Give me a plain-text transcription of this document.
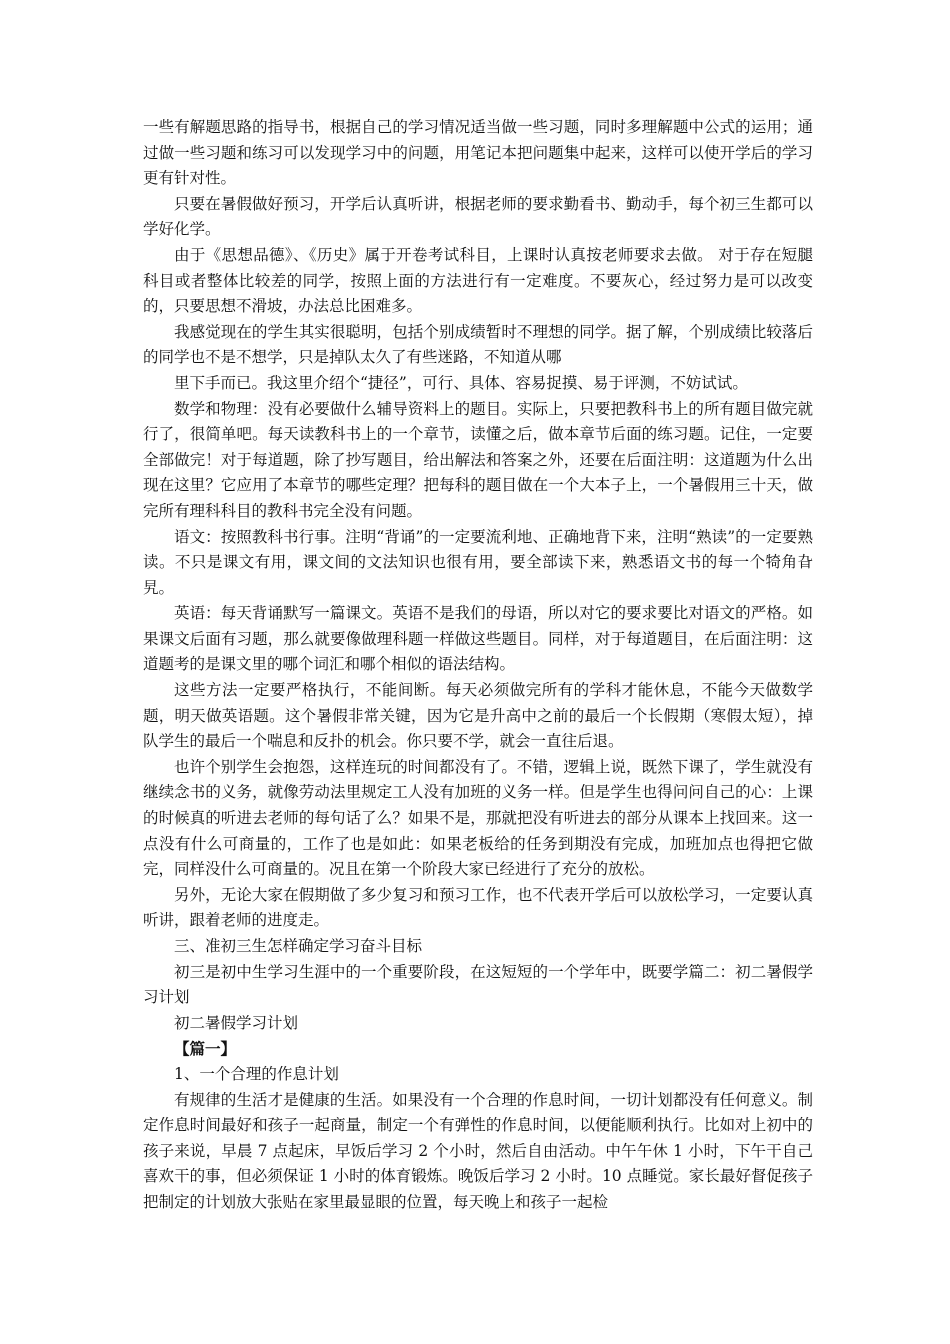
一些有解题思路的指导书，根据自己的学习情况适当做一些习题，同时多理解题中公式的运用；通过做一些习题和练习可以发现学习中的问题，用笔记本把问题集中起来，这样可以使开学后的学习更有针对性。

只要在暑假做好预习，开学后认真听讲，根据老师的要求勤看书、勤动手，每个初三生都可以学好化学。

由于《思想品德》、《历史》属于开卷考试科目，上课时认真按老师要求去做。 对于存在短腿科目或者整体比较差的同学，按照上面的方法进行有一定难度。不要灰心，经过努力是可以改变的，只要思想不滑坡，办法总比困难多。

我感觉现在的学生其实很聪明，包括个别成绩暂时不理想的同学。据了解，个别成绩比较落后的同学也不是不想学，只是掉队太久了有些迷路，不知道从哪

里下手而已。我这里介绍个“捷径”，可行、具体、容易捉摸、易于评测，不妨试试。

数学和物理：没有必要做什么辅导资料上的题目。实际上，只要把教科书上的所有题目做完就行了，很简单吧。每天读教科书上的一个章节，读懂之后，做本章节后面的练习题。记住，一定要全部做完！对于每道题，除了抄写题目，给出解法和答案之外，还要在后面注明：这道题为什么出现在这里？它应用了本章节的哪些定理？把每科的题目做在一个大本子上，一个暑假用三十天，做完所有理科科目的教科书完全没有问题。

语文：按照教科书行事。注明“背诵”的一定要流利地、正确地背下来，注明“熟读”的一定要熟读。不只是课文有用，课文间的文法知识也很有用，要全部读下来，熟悉语文书的每一个犄角旮旯。

英语：每天背诵默写一篇课文。英语不是我们的母语，所以对它的要求要比对语文的严格。如果课文后面有习题，那么就要像做理科题一样做这些题目。同样，对于每道题目，在后面注明：这道题考的是课文里的哪个词汇和哪个相似的语法结构。

这些方法一定要严格执行，不能间断。每天必须做完所有的学科才能休息，不能今天做数学题，明天做英语题。这个暑假非常关键，因为它是升高中之前的最后一个长假期（寒假太短），掉队学生的最后一个喘息和反扑的机会。你只要不学，就会一直往后退。

也许个别学生会抱怨，这样连玩的时间都没有了。不错，逻辑上说，既然下课了，学生就没有继续念书的义务，就像劳动法里规定工人没有加班的义务一样。但是学生也得问问自己的心：上课的时候真的听进去老师的每句话了么？如果不是，那就把没有听进去的部分从课本上找回来。这一点没有什么可商量的，工作了也是如此：如果老板给的任务到期没有完成，加班加点也得把它做完，同样没什么可商量的。况且在第一个阶段大家已经进行了充分的放松。

另外，无论大家在假期做了多少复习和预习工作，也不代表开学后可以放松学习，一定要认真听讲，跟着老师的进度走。

三、准初三生怎样确定学习奋斗目标

初三是初中生学习生涯中的一个重要阶段，在这短短的一个学年中，既要学篇二：初二暑假学习计划

初二暑假学习计划

【篇一】

1、一个合理的作息计划

有规律的生活才是健康的生活。如果没有一个合理的作息时间，一切计划都没有任何意义。制定作息时间最好和孩子一起商量，制定一个有弹性的作息时间，以便能顺利执行。比如对上初中的孩子来说，早晨 7 点起床，早饭后学习 2 个小时，然后自由活动。中午午休 1 小时，下午干自己喜欢干的事，但必须保证 1 小时的体育锻炼。晚饭后学习 2 小时。10 点睡觉。家长最好督促孩子把制定的计划放大张贴在家里最显眼的位置，每天晚上和孩子一起检
